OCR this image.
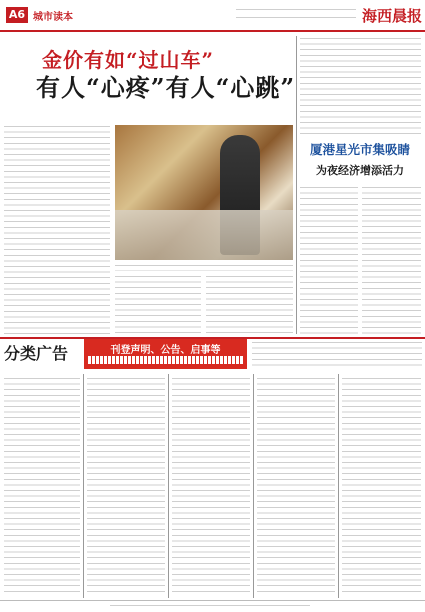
A6 城市读本	海西晨报
金价有如“过山车”
有人“心疼”有人“心跳”
厦港星光市集吸睛
为夜经济增添活力
分类广告	刊登声明、公告、启事等
